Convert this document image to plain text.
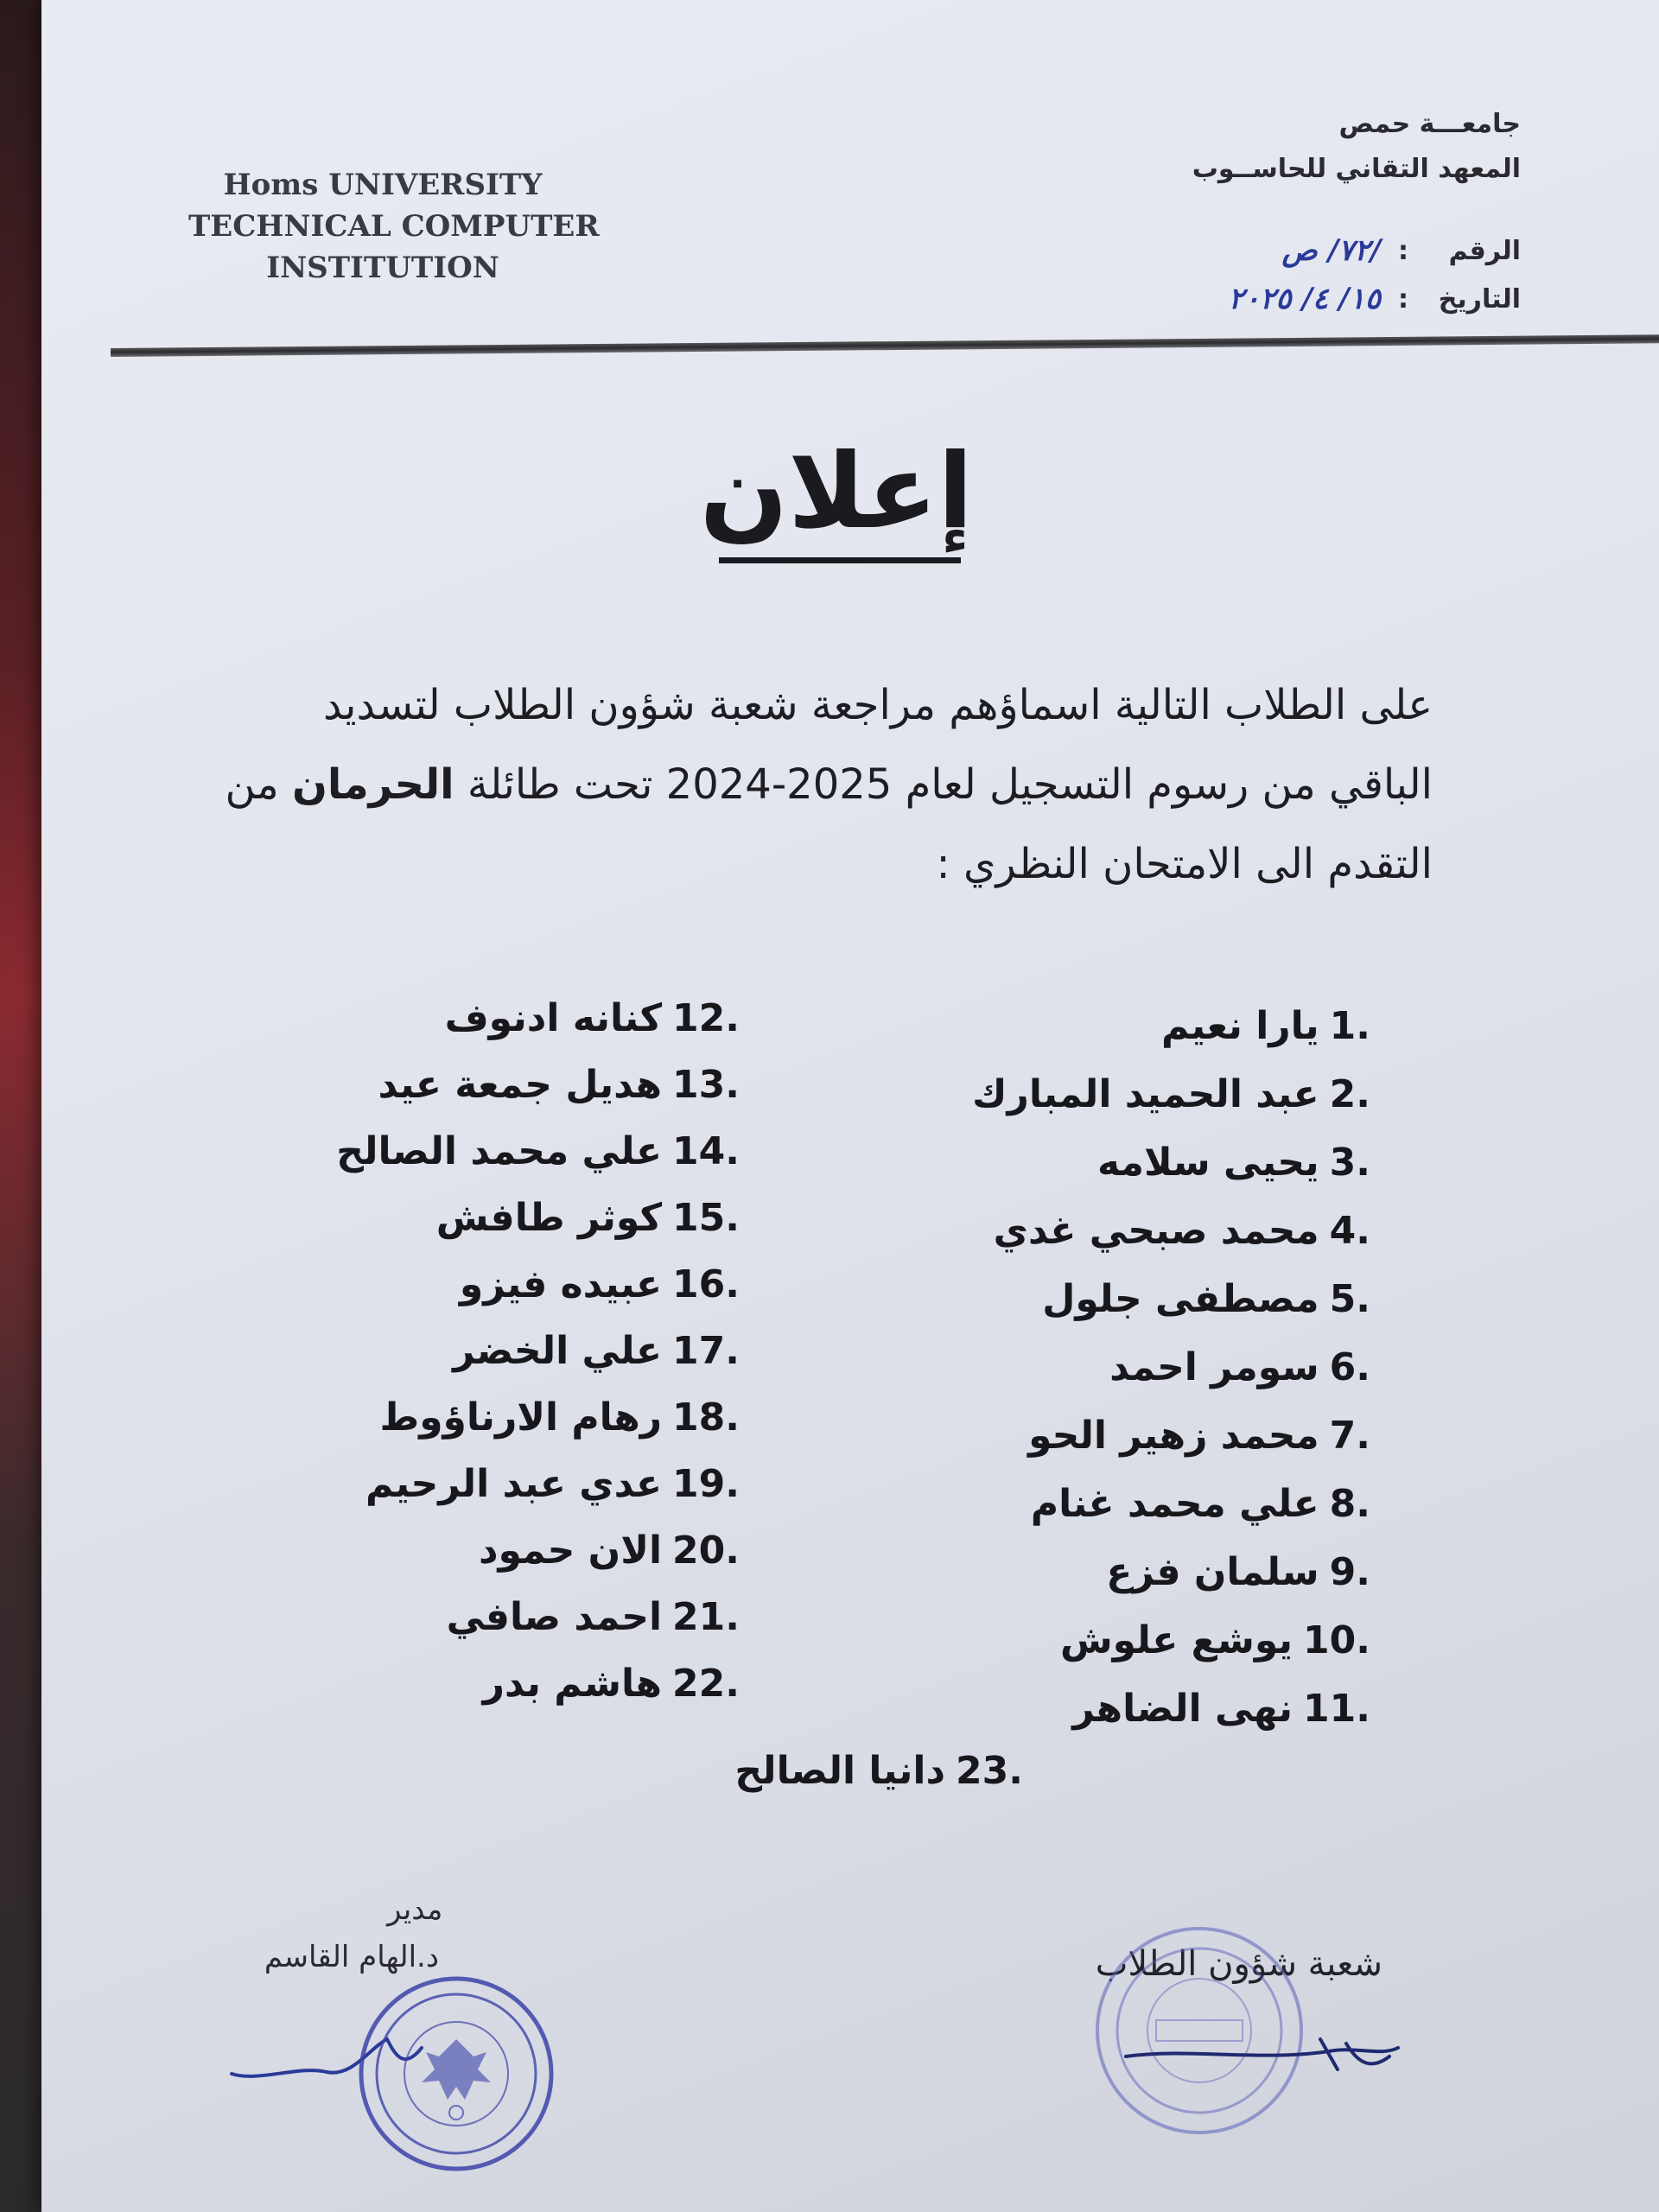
Homs UNIVERSITY
TECHNICAL COMPUTER
INSTITUTION
جامعـــة حمص
المعهد التقاني للحاســوب
الرقم
:
/٧٢/ ص
التاريخ
:
١٥/ ٤/ ٢٠٢٥
إعلان
على الطلاب التالية اسماؤهم مراجعة شعبة شؤون الطلاب لتسديد الباقي من رسوم التسجيل لعام 2025-2024 تحت طائلة الحرمان من التقدم الى الامتحان النظري :
1.يارا نعيم
2.عبد الحميد المبارك
3.يحيى سلامه
4.محمد صبحي غدي
5.مصطفى جلول
6.سومر احمد
7.محمد زهير الحو
8.علي محمد غنام
9.سلمان فزع
10.يوشع علوش
11.نهى الضاهر
12.كنانه ادنوف
13.هديل جمعة عيد
14.علي محمد الصالح
15.كوثر طافش
16.عبيده فيزو
17.علي الخضر
18.رهام الارناؤوط
19.عدي عبد الرحيم
20.الان حمود
21.احمد صافي
22.هاشم بدر
23.دانيا الصالح
مدير
د.الهام القاسم	شعبة شؤون الطلاب
